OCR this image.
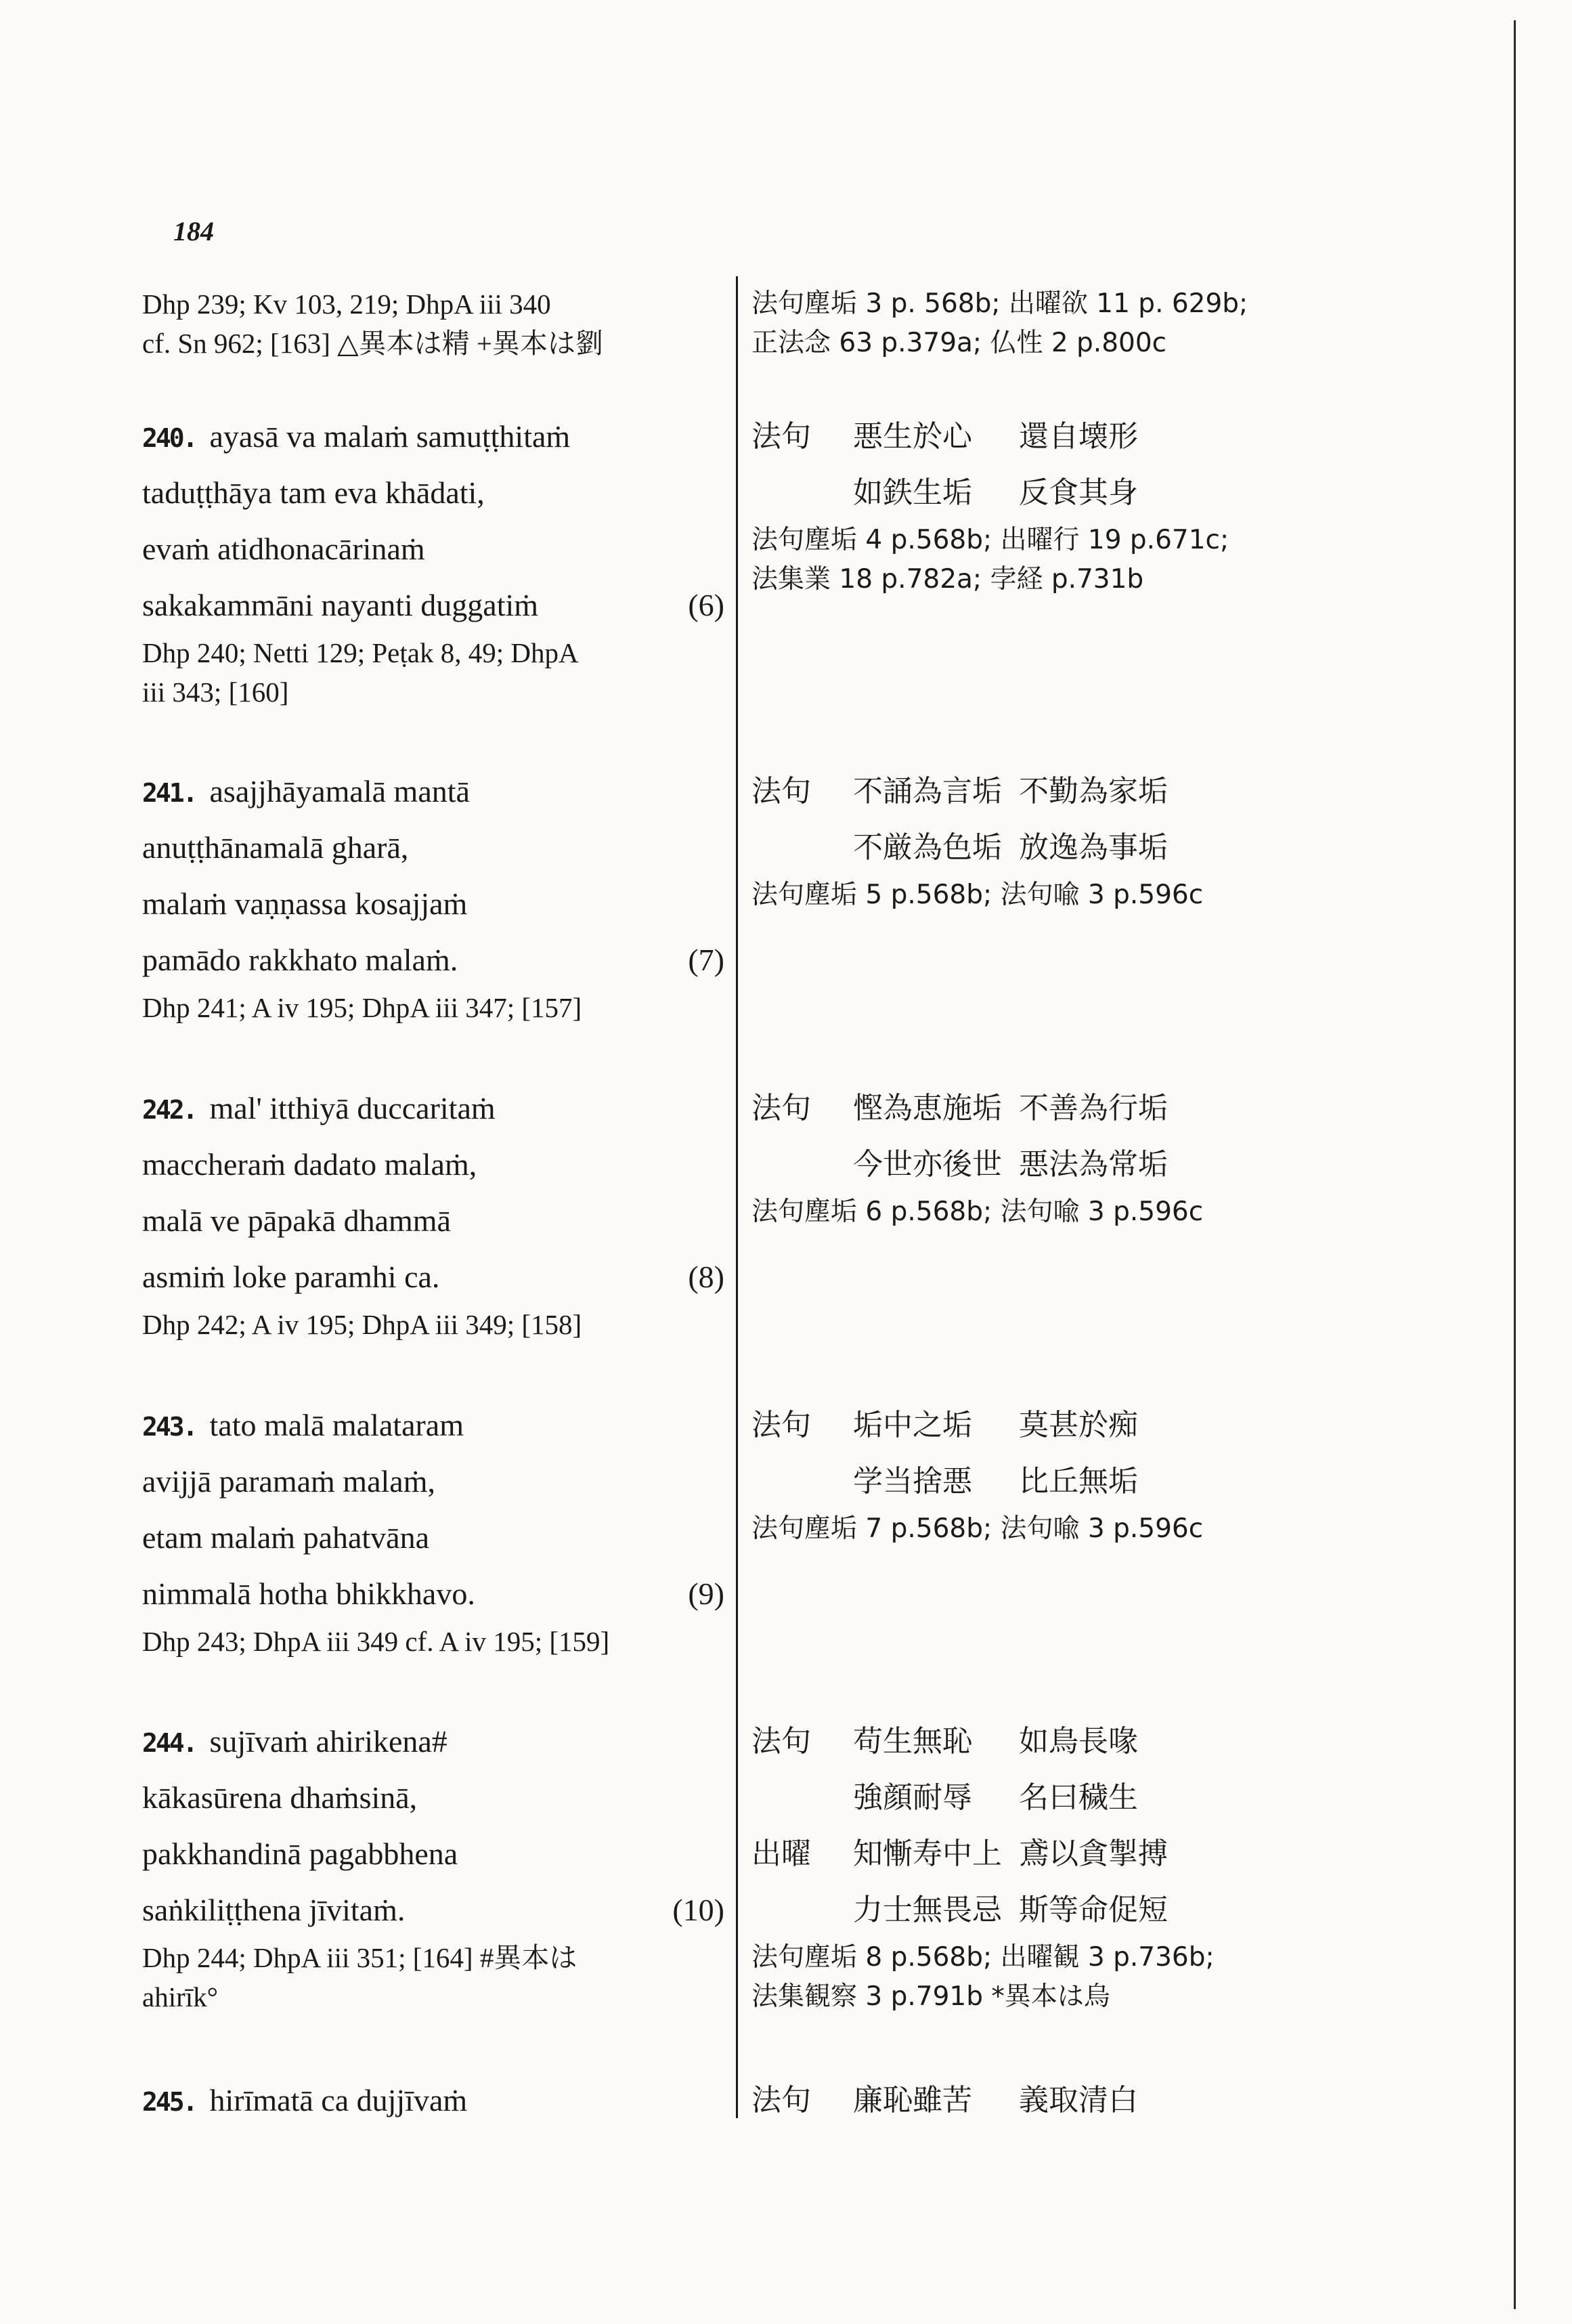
184
Dhp 239; Kv 103, 219; DhpA iii 340
cf. Sn 962; [163] △異本は精 +異本は劉
法句塵垢 3 p. 568b; 出曜欲 11 p. 629b;
正法念 63 p.379a; 仏性 2 p.800c
240. ayasā va malaṁ samuṭṭhitaṁ
taduṭṭhāya tam eva khādati,
evaṁ atidhonacārinaṁ
sakakammāni nayanti duggatiṁ	(6)
Dhp 240; Netti 129; Peṭak 8, 49; DhpA
iii 343; [160]
法句 悪生於心 還自壊形
如鉄生垢 反食其身
法句塵垢 4 p.568b; 出曜行 19 p.671c;
法集業 18 p.782a; 孛経 p.731b
241. asajjhāyamalā mantā
anuṭṭhānamalā gharā,
malaṁ vaṇṇassa kosajjaṁ
pamādo rakkhato malaṁ.	(7)
Dhp 241; A iv 195; DhpA iii 347; [157]
法句 不誦為言垢 不勤為家垢
不厳為色垢 放逸為事垢
法句塵垢 5 p.568b; 法句喩 3 p.596c
242. mal' itthiyā duccaritaṁ
maccheraṁ dadato malaṁ,
malā ve pāpakā dhammā
asmiṁ loke paramhi ca.	(8)
Dhp 242; A iv 195; DhpA iii 349; [158]
法句 慳為恵施垢 不善為行垢
今世亦後世 悪法為常垢
法句塵垢 6 p.568b; 法句喩 3 p.596c
243. tato malā malataram
avijjā paramaṁ malaṁ,
etam malaṁ pahatvāna
nimmalā hotha bhikkhavo.	(9)
Dhp 243; DhpA iii 349 cf. A iv 195; [159]
法句 垢中之垢 莫甚於痴
学当捨悪 比丘無垢
法句塵垢 7 p.568b; 法句喩 3 p.596c
244. sujīvaṁ ahirikena#
kākasūrena dhaṁsinā,
pakkhandinā pagabbhena
saṅkiliṭṭhena jīvitaṁ.	(10)
Dhp 244; DhpA iii 351; [164] #異本は
ahirīk°
法句 苟生無恥 如鳥長喙
強顔耐辱 名曰穢生
出曜 知慚寿中上 鳶以貪掣搏
力士無畏忌 斯等命促短
法句塵垢 8 p.568b; 出曜観 3 p.736b;
法集観察 3 p.791b *異本は烏
245. hirīmatā ca dujjīvaṁ	法句 廉恥雖苦 義取清白
